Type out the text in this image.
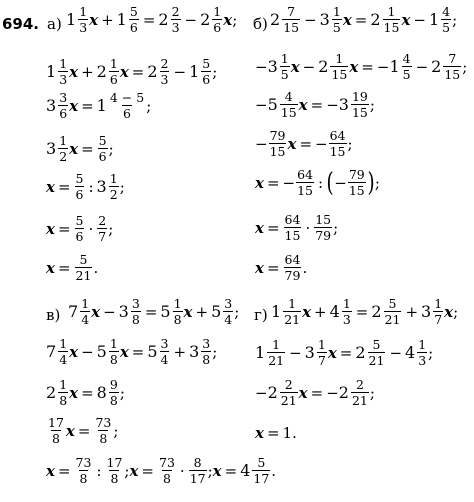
694. а) $1 \frac{1}{3}$ $x + 1 \frac{5}{6} = 2 \frac{2}{3} - 2 \frac{1}{6}$ x ;
$1 \frac{1}{3}$ $x + 2 \frac{1}{6}$ $x = 2 \frac{2}{3} - 1 \frac{5}{6}$ ;
$3 \frac{3}{6}$ $x = 1 \frac{4 - 5}{6}$ ;
$3 \frac{1}{2}$ $x = \frac{5}{6}$ ;
$x = \frac{5}{6}$ : $3 \frac{1}{2}$ ;
$x = \frac{5}{6} \cdot \frac{2}{7}$ ;
$x = \frac{5}{21}$ .
б) $2 \frac{7}{15} - 3 \frac{1}{5}$ $x = 2 \frac{1}{15}$ $x - 1 \frac{4}{5}$ ;
− $3 \frac{1}{5}$ $x - 2 \frac{1}{15}$ x = − $1 \frac{4}{5} - 2 \frac{7}{15}$ ;
− $5 \frac{4}{15}$ x = − $3 \frac{19}{15}$ ;
− $\frac{79}{15}$ x = − $\frac{64}{15}$ ;
x = − $\frac{64}{15}$ : ( − $\frac{79}{15}$ ) ;
$x = \frac{64}{15} \cdot \frac{15}{79}$ ;
$x = \frac{64}{79}$ .
в) $7 \frac{1}{4}$ $x - 3 \frac{3}{8} = 5 \frac{1}{8}$ $x + 5 \frac{3}{4}$ ;
$7 \frac{1}{4}$ $x - 5 \frac{1}{8}$ $x = 5 \frac{3}{4} + 3 \frac{3}{8}$ ;
$2 \frac{1}{8}$ $x = 8 \frac{9}{8}$ ;
$\frac{17}{8}$ $x = \frac{73}{8}$ ;
г) $1 \frac{1}{21}$ $x + 4 \frac{1}{3} = 2 \frac{5}{21} + 3 \frac{1}{7}$ x ;
$1 \frac{1}{21} - 3 \frac{1}{7}$ $x = 2 \frac{5}{21} - 4 \frac{1}{3}$ ;
− $2 \frac{2}{21}$ x = − $2 \frac{2}{21}$ ;
x = 1.
$x = \frac{73}{8}$ : $\frac{17}{8}$ ; $x = \frac{73}{8} \cdot \frac{8}{17}$ ; $x = 4 \frac{5}{17}$ .
